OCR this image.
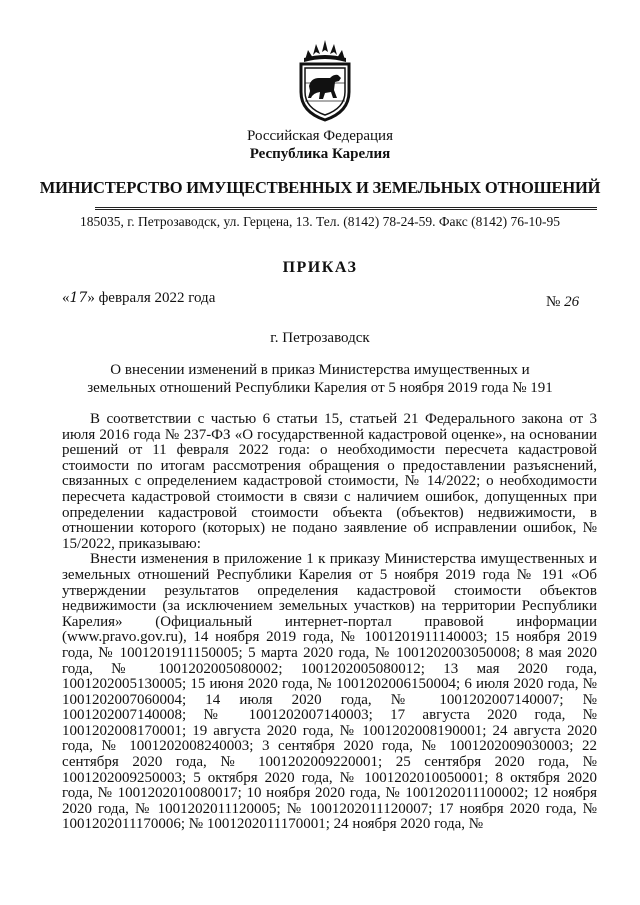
Российская Федерация
Республика Карелия
МИНИСТЕРСТВО ИМУЩЕСТВЕННЫХ И ЗЕМЕЛЬНЫХ ОТНОШЕНИЙ
185035, г. Петрозаводск, ул. Герцена, 13. Тел. (8142) 78-24-59. Факс (8142) 76-10-95
ПРИКАЗ
«17» февраля 2022 года	№ 26
г. Петрозаводск
О внесении изменений в приказ Министерства имущественных и земельных отношений Республики Карелия от 5 ноября 2019 года № 191

В соответствии с частью 6 статьи 15, статьей 21 Федерального закона от 3 июля 2016 года № 237-ФЗ «О государственной кадастровой оценке», на основании решений от 11 февраля 2022 года: о необходимости пересчета кадастровой стоимости по итогам рассмотрения обращения о предоставлении разъяснений, связанных с определением кадастровой стоимости, № 14/2022; о необходимости пересчета кадастровой стоимости в связи с наличием ошибок, допущенных при определении кадастровой стоимости объекта (объектов) недвижимости, в отношении которого (которых) не подано заявление об исправлении ошибок, № 15/2022, приказываю:

Внести изменения в приложение 1 к приказу Министерства имущественных и земельных отношений Республики Карелия от 5 ноября 2019 года № 191 «Об утверждении результатов определения кадастровой стоимости объектов недвижимости (за исключением земельных участков) на территории Республики Карелия» (Официальный интернет-портал правовой информации (www.pravo.gov.ru), 14 ноября 2019 года, № 1001201911140003; 15 ноября 2019 года, № 1001201911150005; 5 марта 2020 года, № 1001202003050008; 8 мая 2020 года, № 1001202005080002; 1001202005080012; 13 мая 2020 года, 1001202005130005; 15 июня 2020 года, № 1001202006150004; 6 июля 2020 года, № 1001202007060004; 14 июля 2020 года, № 1001202007140007; № 1001202007140008; № 1001202007140003; 17 августа 2020 года, № 1001202008170001; 19 августа 2020 года, № 1001202008190001; 24 августа 2020 года, № 1001202008240003; 3 сентября 2020 года, № 1001202009030003; 22 сентября 2020 года, № 1001202009220001; 25 сентября 2020 года, № 1001202009250003; 5 октября 2020 года, № 1001202010050001; 8 октября 2020 года, № 1001202010080017; 10 ноября 2020 года, № 1001202011100002; 12 ноября 2020 года, № 1001202011120005; № 1001202011120007; 17 ноября 2020 года, № 1001202011170006; № 1001202011170001; 24 ноября 2020 года, №
